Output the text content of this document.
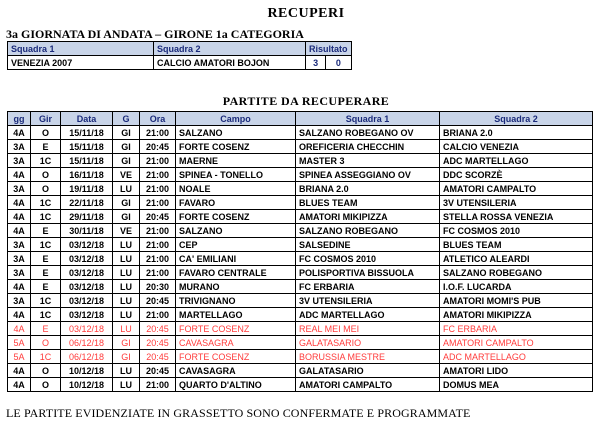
RECUPERI
3a GIORNATA DI ANDATA – GIRONE 1a CATEGORIA
Squadra 1	Squadra 2	Risultato	
VENEZIA 2007	CALCIO AMATORI BOJON	3	0
PARTITE DA RECUPERARE
gg	Gir	Data	G	Ora	Campo	Squadra 1	Squadra 2
4A	O	15/11/18	GI	21:00	SALZANO	SALZANO ROBEGANO OV	BRIANA 2.0
3A	E	15/11/18	GI	20:45	FORTE COSENZ	OREFICERIA CHECCHIN	CALCIO VENEZIA
3A	1C	15/11/18	GI	21:00	MAERNE	MASTER 3	ADC MARTELLAGO
4A	O	16/11/18	VE	21:00	SPINEA - TONELLO	SPINEA ASSEGGIANO OV	DDC SCORZÈ
3A	O	19/11/18	LU	21:00	NOALE	BRIANA 2.0	AMATORI CAMPALTO
4A	1C	22/11/18	GI	21:00	FAVARO	BLUES TEAM	3V UTENSILERIA
4A	1C	29/11/18	GI	20:45	FORTE COSENZ	AMATORI MIKIPIZZA	STELLA ROSSA VENEZIA
4A	E	30/11/18	VE	21:00	SALZANO	SALZANO ROBEGANO	FC COSMOS 2010
3A	1C	03/12/18	LU	21:00	CEP	SALSEDINE	BLUES TEAM
3A	E	03/12/18	LU	21:00	CA' EMILIANI	FC COSMOS 2010	ATLETICO ALEARDI
3A	E	03/12/18	LU	21:00	FAVARO CENTRALE	POLISPORTIVA BISSUOLA	SALZANO ROBEGANO
4A	E	03/12/18	LU	20:30	MURANO	FC ERBARIA	I.O.F. LUCARDA
3A	1C	03/12/18	LU	20:45	TRIVIGNANO	3V UTENSILERIA	AMATORI MOMI'S PUB
4A	1C	03/12/18	LU	21:00	MARTELLAGO	ADC MARTELLAGO	AMATORI MIKIPIZZA
4A	E	03/12/18	LU	20:45	FORTE COSENZ	REAL MEI MEI	FC ERBARIA
5A	O	06/12/18	GI	20:45	CAVASAGRA	GALATASARIO	AMATORI CAMPALTO
5A	1C	06/12/18	GI	20:45	FORTE COSENZ	BORUSSIA MESTRE	ADC MARTELLAGO
4A	O	10/12/18	LU	20:45	CAVASAGRA	GALATASARIO	AMATORI LIDO
4A	O	10/12/18	LU	21:00	QUARTO D'ALTINO	AMATORI CAMPALTO	DOMUS MEA
LE PARTITE EVIDENZIATE IN GRASSETTO SONO CONFERMATE E PROGRAMMATE
